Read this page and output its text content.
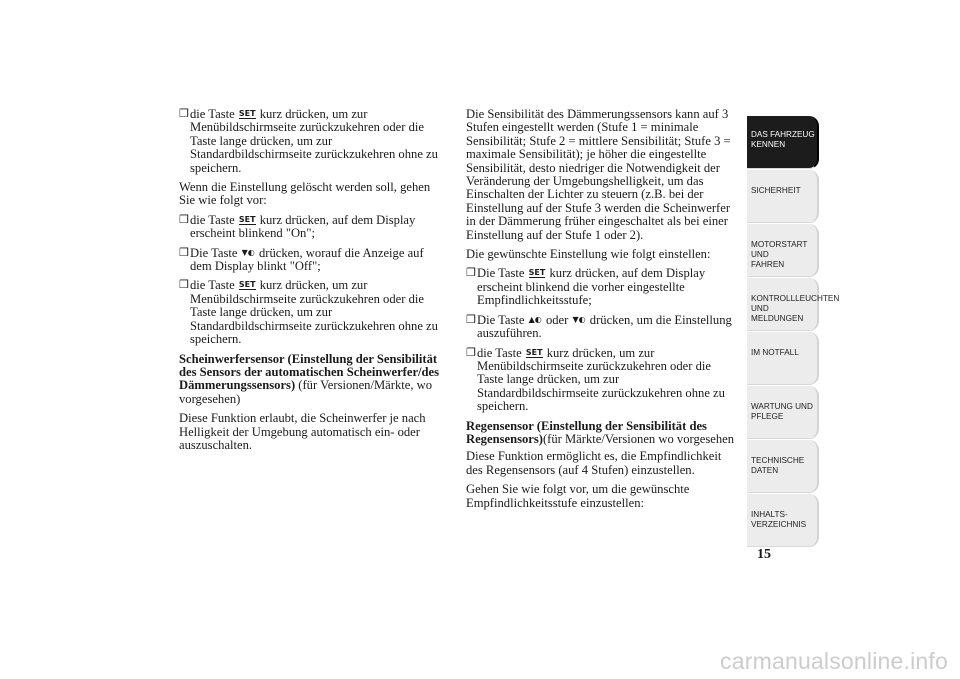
❒ die Taste SET kurz drücken, um zur Menübildschirmseite zurückzukehren oder die Taste lange drücken, um zur Standardbildschirmseite zurückzukehren ohne zu speichern.

Wenn die Einstellung gelöscht werden soll, gehen Sie wie folgt vor:

❒ die Taste SET kurz drücken, auf dem Display erscheint blinkend "On";
❒ Die Taste ▼◐ drücken, worauf die Anzeige auf dem Display blinkt "Off";
❒ die Taste SET kurz drücken, um zur Menübildschirmseite zurückzukehren oder die Taste lange drücken, um zur Standardbildschirmseite zurückzukehren ohne zu speichern.

Scheinwerfersensor (Einstellung der Sensibilität des Sensors der automatischen Scheinwerfer/des Dämmerungssensors) (für Versionen/Märkte, wo vorgesehen)

Diese Funktion erlaubt, die Scheinwerfer je nach Helligkeit der Umgebung automatisch ein- oder auszuschalten.

Die Sensibilität des Dämmerungssensors kann auf 3 Stufen eingestellt werden (Stufe 1 = minimale Sensibilität; Stufe 2 = mittlere Sensibilität; Stufe 3 = maximale Sensibilität); je höher die eingestellte Sensibilität, desto niedriger die Notwendigkeit der Veränderung der Umgebungshelligkeit, um das Einschalten der Lichter zu steuern (z.B. bei der Einstellung auf der Stufe 3 werden die Scheinwerfer in der Dämmerung früher eingeschaltet als bei einer Einstellung auf der Stufe 1 oder 2).

Die gewünschte Einstellung wie folgt einstellen:

❒ Die Taste SET kurz drücken, auf dem Display erscheint blinkend die vorher eingestellte Empfindlichkeitsstufe;
❒ Die Taste ▲◐ oder ▼◐ drücken, um die Einstellung auszuführen.
❒ die Taste SET kurz drücken, um zur Menübildschirmseite zurückzukehren oder die Taste lange drücken, um zur Standardbildschirmseite zurückzukehren ohne zu speichern.

Regensensor (Einstellung der Sensibilität des Regensensors)(für Märkte/Versionen wo vorgesehen

Diese Funktion ermöglicht es, die Empfindlichkeit des Regensensors (auf 4 Stufen) einzustellen.

Gehen Sie wie folgt vor, um die gewünschte Empfindlichkeitsstufe einzustellen:

DAS FAHRZEUG
KENNEN
SICHERHEIT
MOTORSTART UND
FAHREN
KONTROLLLEUCHTEN
UND MELDUNGEN
IM NOTFALL
WARTUNG UND
PFLEGE
TECHNISCHE
DATEN
INHALTS-
VERZEICHNIS
15
carmanualsonline.info
